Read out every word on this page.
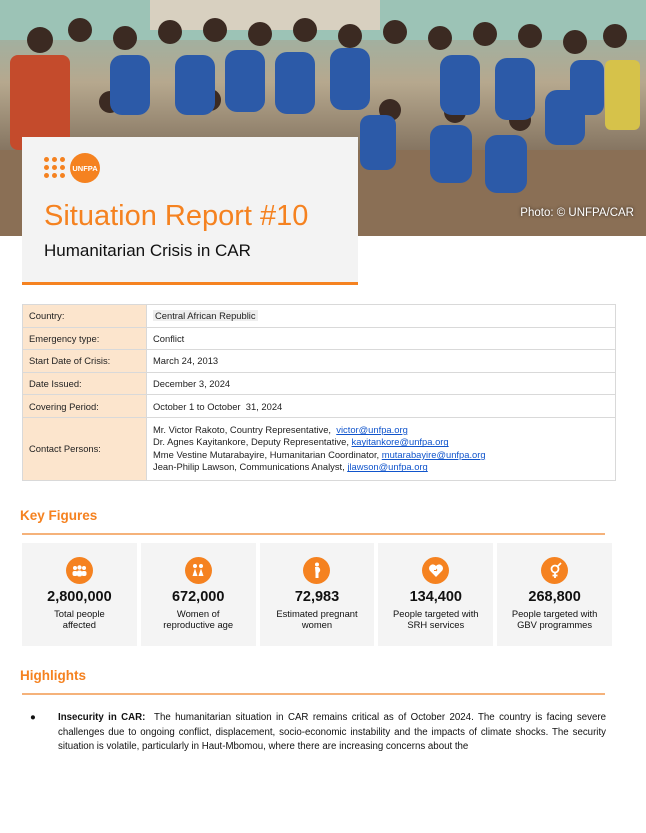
Photo: © UNFPA/CAR
UNFPA
Situation Report #10
Humanitarian Crisis in CAR
Country:	Central African Republic
Emergency type:	Conflict
Start Date of Crisis:	March 24, 2013
Date Issued:	December 3, 2024
Covering Period:	October 1 to October  31, 2024
Contact Persons:	Mr. Victor Rakoto, Country Representative,  victor@unfpa.org
Dr. Agnes Kayitankore, Deputy Representative, kayitankore@unfpa.org
Mme Vestine Mutarabayire, Humanitarian Coordinator, mutarabayire@unfpa.org
Jean-Philip Lawson, Communications Analyst, jlawson@unfpa.org
Key Figures
2,800,000
Total people
affected
672,000
Women of
reproductive age
72,983
Estimated pregnant
women
134,400
People targeted with
SRH services
268,800
People targeted with
GBV programmes
Highlights
● Insecurity in CAR:  The humanitarian situation in CAR remains critical as of October 2024. The country is facing severe challenges due to ongoing conflict, displacement, socio-economic instability and the impacts of climate shocks. The security situation is volatile, particularly in Haut-Mbomou, where there are increasing concerns about the
